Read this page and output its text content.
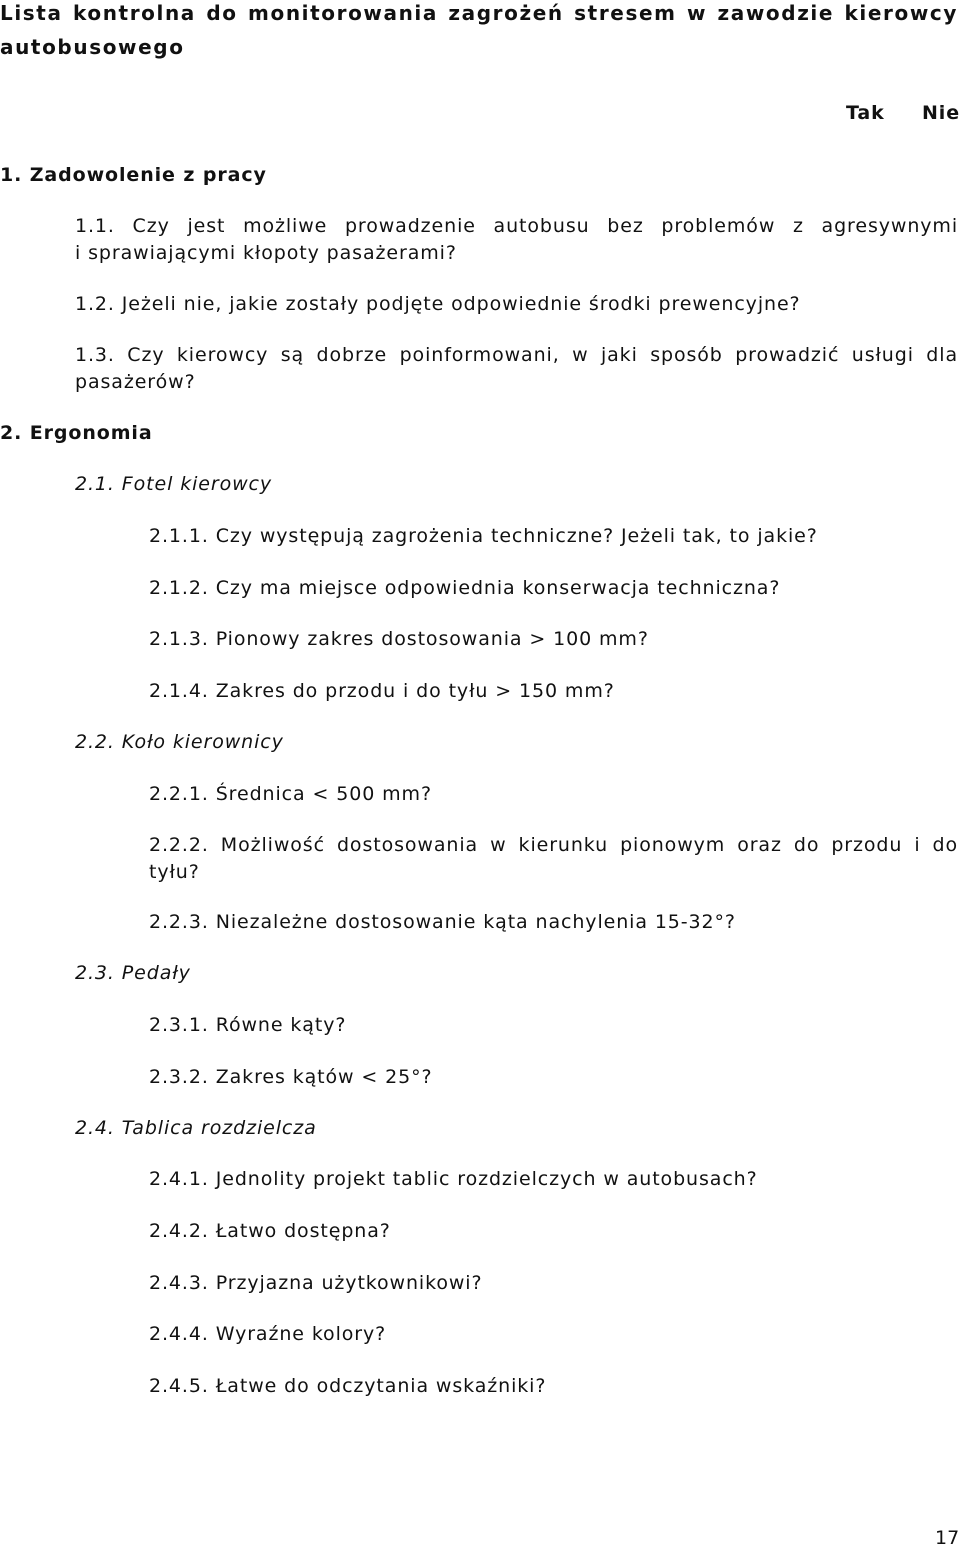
Lista kontrolna do monitorowania zagrożeń stresem w zawodzie kierowcy
autobusowego
Tak Nie
1. Zadowolenie z pracy
1.1. Czy jest możliwe prowadzenie autobusu bez problemów z agresywnymi
i sprawiającymi kłopoty pasażerami?
1.2. Jeżeli nie, jakie zostały podjęte odpowiednie środki prewencyjne?
1.3. Czy kierowcy są dobrze poinformowani, w jaki sposób prowadzić usługi dla
pasażerów?
2. Ergonomia
2.1. Fotel kierowcy
2.1.1. Czy występują zagrożenia techniczne? Jeżeli tak, to jakie?
2.1.2. Czy ma miejsce odpowiednia konserwacja techniczna?
2.1.3. Pionowy zakres dostosowania > 100 mm?
2.1.4. Zakres do przodu i do tyłu > 150 mm?
2.2. Koło kierownicy
2.2.1. Średnica < 500 mm?
2.2.2. Możliwość dostosowania w kierunku pionowym oraz do przodu i do
tyłu?
2.2.3. Niezależne dostosowanie kąta nachylenia 15-32°?
2.3. Pedały
2.3.1. Równe kąty?
2.3.2. Zakres kątów < 25°?
2.4. Tablica rozdzielcza
2.4.1. Jednolity projekt tablic rozdzielczych w autobusach?
2.4.2. Łatwo dostępna?
2.4.3. Przyjazna użytkownikowi?
2.4.4. Wyraźne kolory?
2.4.5. Łatwe do odczytania wskaźniki?
17
